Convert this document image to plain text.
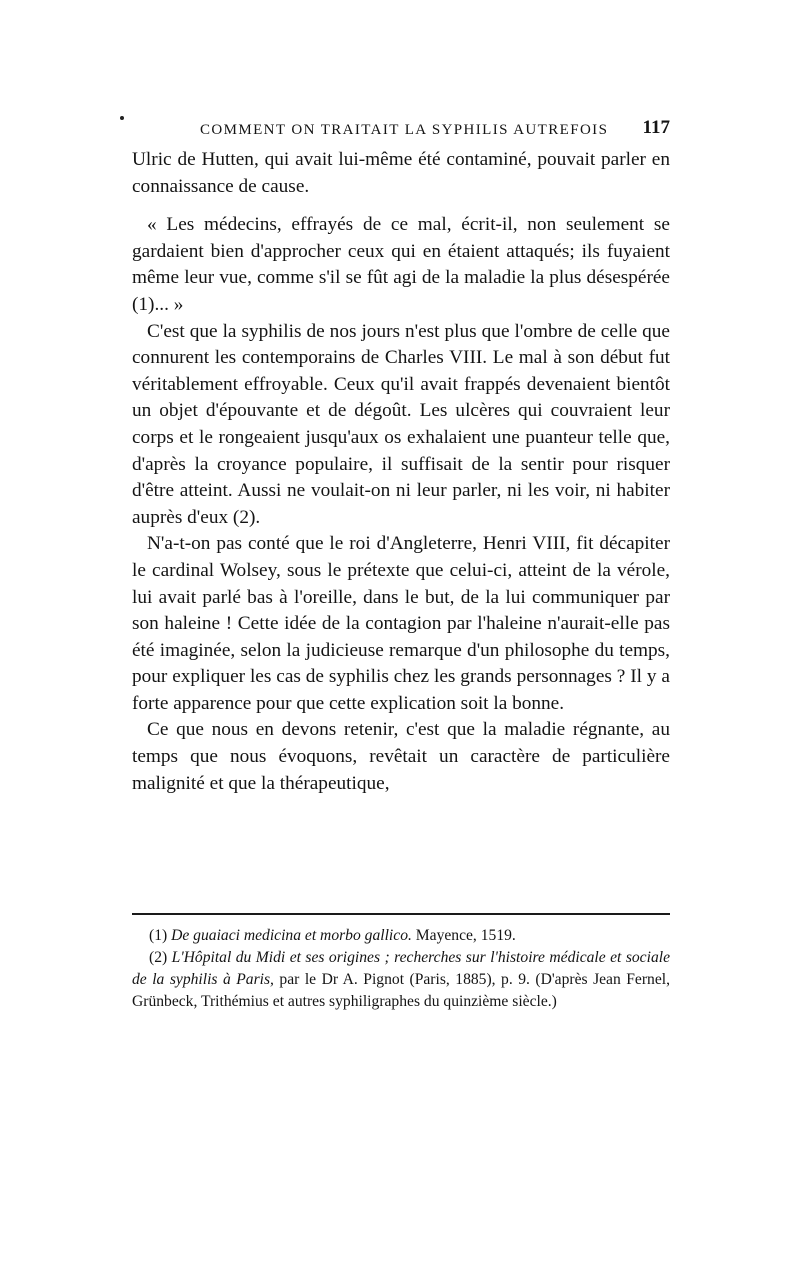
COMMENT ON TRAITAIT LA SYPHILIS AUTREFOIS 117

Ulric de Hutten, qui avait lui-même été contaminé, pouvait parler en connaissance de cause.

« Les médecins, effrayés de ce mal, écrit-il, non seulement se gardaient bien d'approcher ceux qui en étaient attaqués; ils fuyaient même leur vue, comme s'il se fût agi de la maladie la plus désespérée (1)... »

C'est que la syphilis de nos jours n'est plus que l'ombre de celle que connurent les contemporains de Charles VIII. Le mal à son début fut véritablement effroyable. Ceux qu'il avait frappés devenaient bientôt un objet d'épouvante et de dégoût. Les ulcères qui couvraient leur corps et le rongeaient jusqu'aux os exhalaient une puanteur telle que, d'après la croyance populaire, il suffisait de la sentir pour risquer d'être atteint. Aussi ne voulait-on ni leur parler, ni les voir, ni habiter auprès d'eux (2).

N'a-t-on pas conté que le roi d'Angleterre, Henri VIII, fit décapiter le cardinal Wolsey, sous le prétexte que celui-ci, atteint de la vérole, lui avait parlé bas à l'oreille, dans le but, de la lui communiquer par son haleine ! Cette idée de la contagion par l'haleine n'aurait-elle pas été imaginée, selon la judicieuse remarque d'un philosophe du temps, pour expliquer les cas de syphilis chez les grands personnages ? Il y a forte apparence pour que cette explication soit la bonne.

Ce que nous en devons retenir, c'est que la maladie régnante, au temps que nous évoquons, revêtait un caractère de particulière malignité et que la thérapeutique,

(1) De guaiaci medicina et morbo gallico. Mayence, 1519.

(2) L'Hôpital du Midi et ses origines ; recherches sur l'histoire médicale et sociale de la syphilis à Paris, par le Dr A. Pignot (Paris, 1885), p. 9. (D'après Jean Fernel, Grünbeck, Trithémius et autres syphiligraphes du quinzième siècle.)
